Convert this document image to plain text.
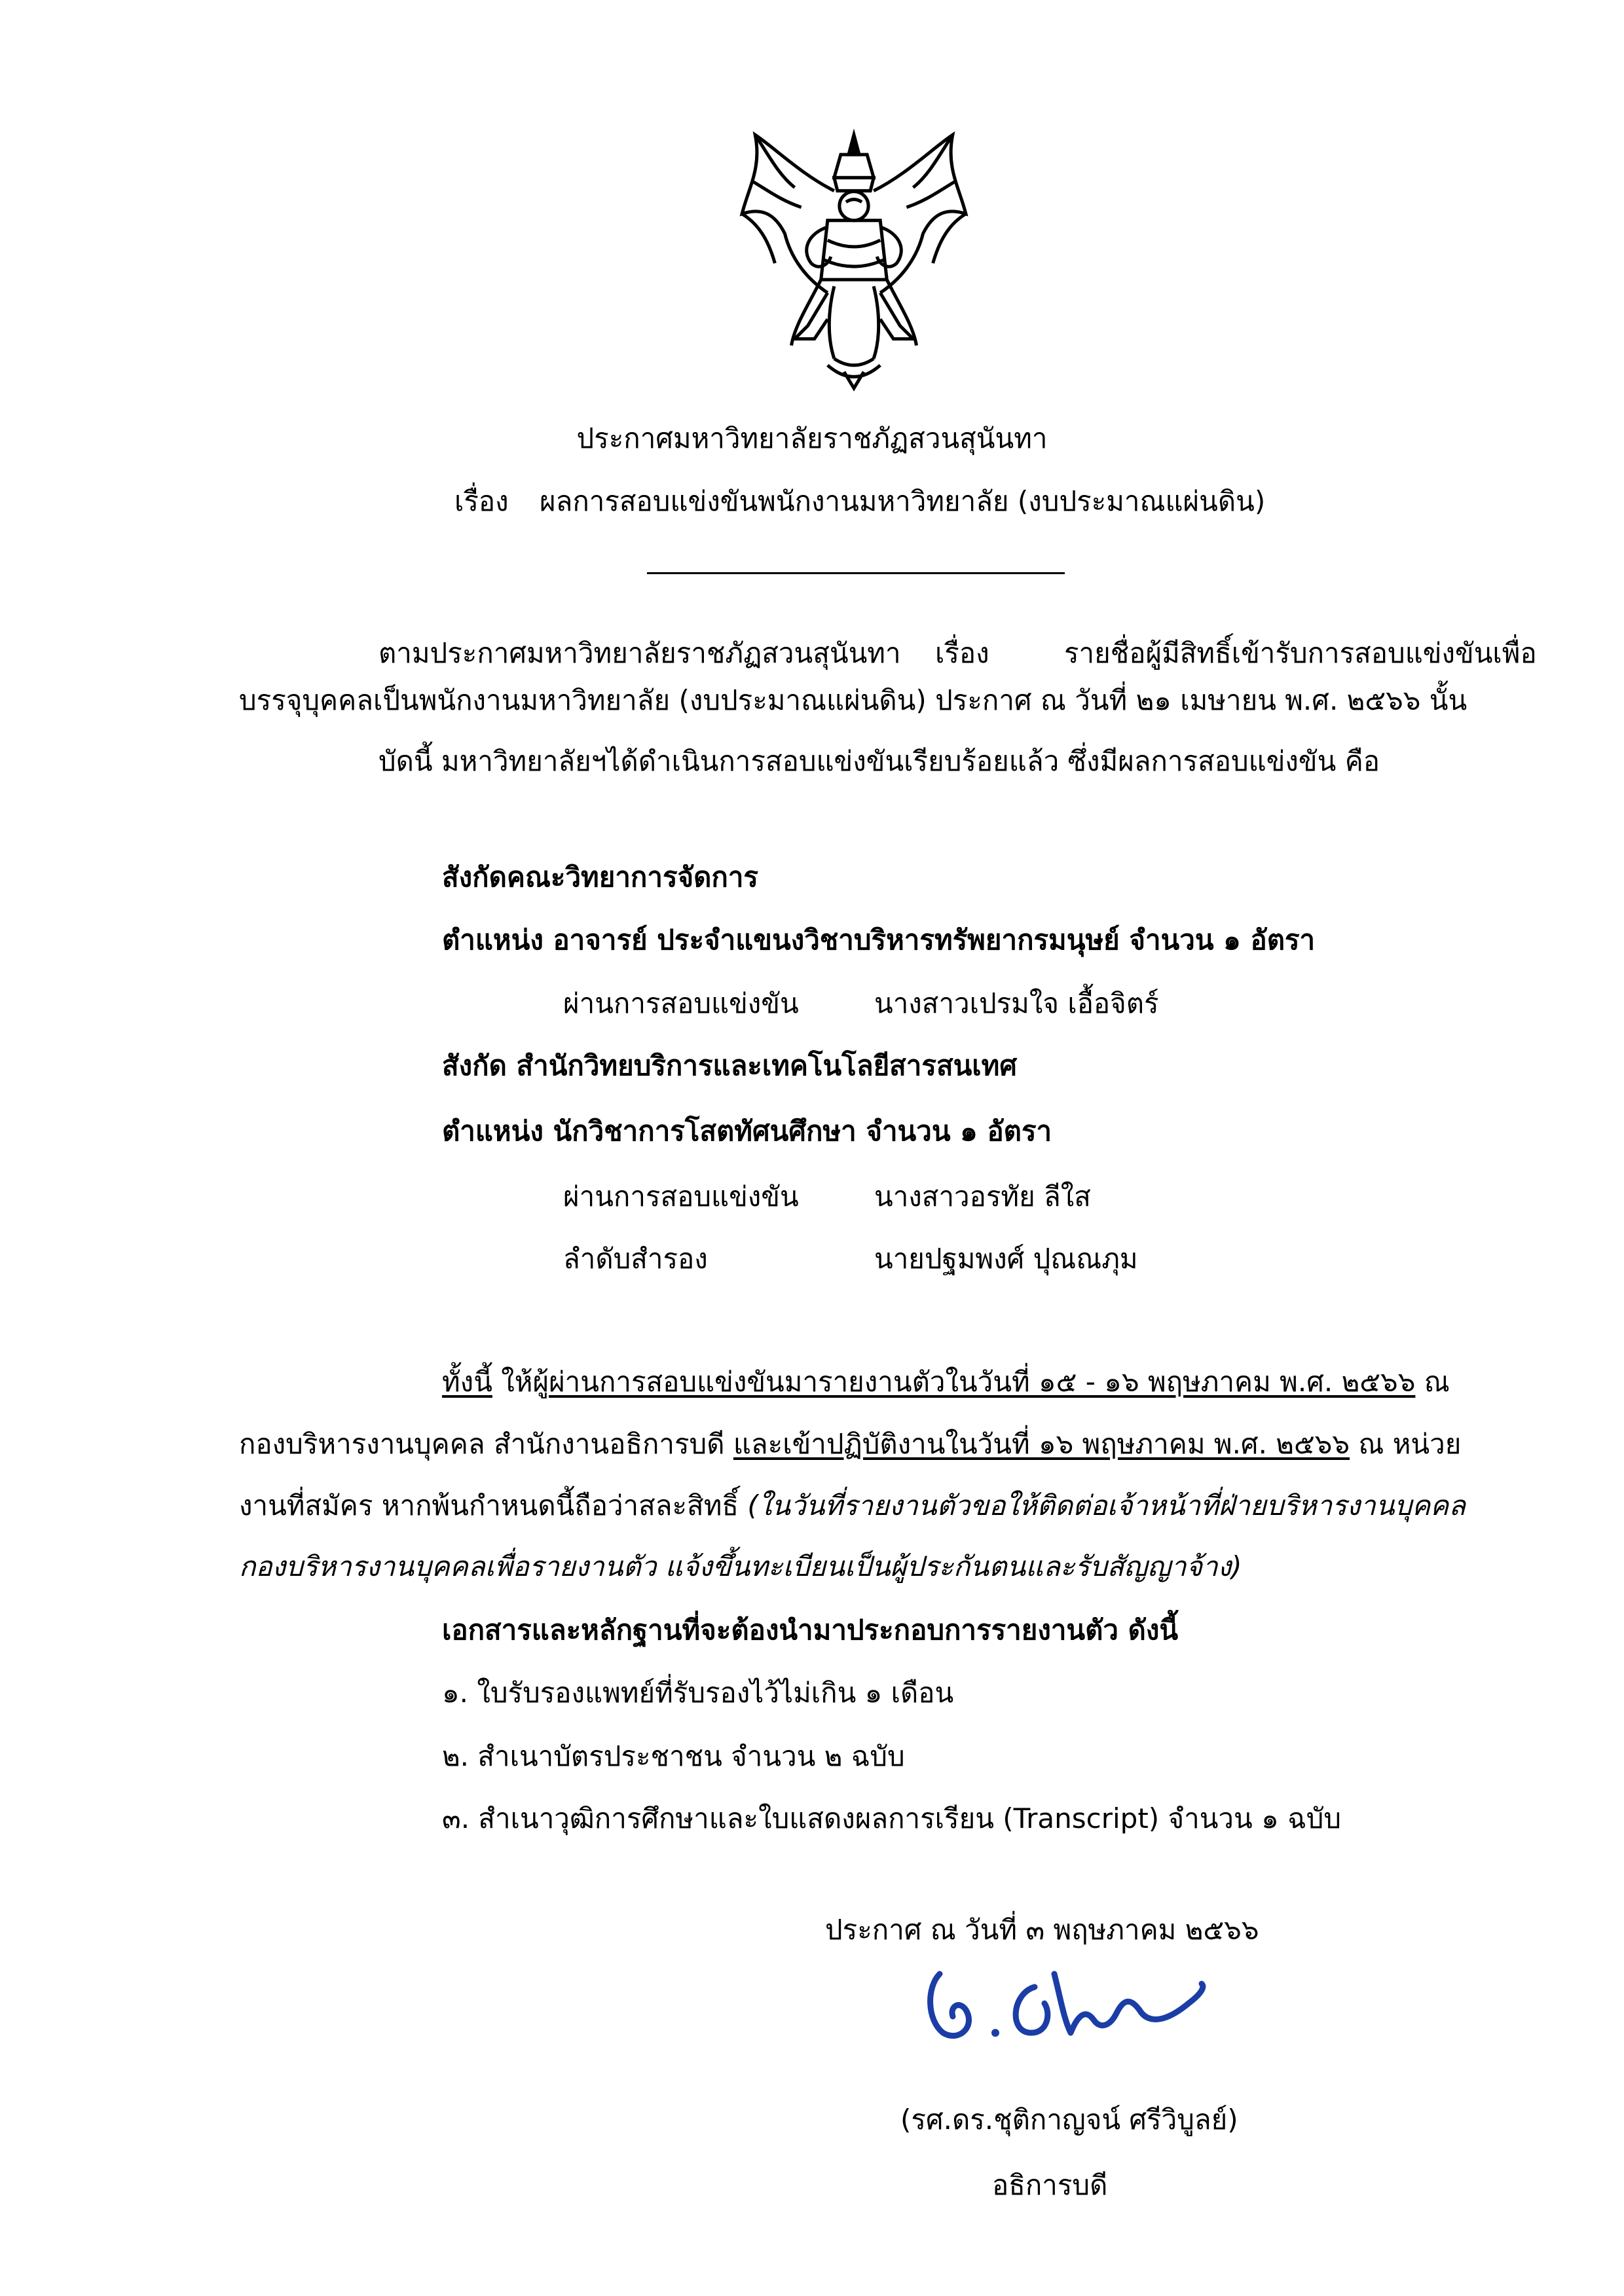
ประกาศมหาวิทยาลัยราชภัฏสวนสุนันทา
เรื่อง ผลการสอบแข่งขันพนักงานมหาวิทยาลัย (งบประมาณแผ่นดิน)
ตามประกาศมหาวิทยาลัยราชภัฏสวนสุนันทา เรื่อง	รายชื่อผู้มีสิทธิ์เข้ารับการสอบแข่งขันเพื่อ
บรรจุบุคคลเป็นพนักงานมหาวิทยาลัย (งบประมาณแผ่นดิน) ประกาศ ณ วันที่ ๒๑ เมษายน พ.ศ. ๒๕๖๖ นั้น
บัดนี้ มหาวิทยาลัยฯได้ดำเนินการสอบแข่งขันเรียบร้อยแล้ว ซึ่งมีผลการสอบแข่งขัน คือ
สังกัดคณะวิทยาการจัดการ
ตำแหน่ง อาจารย์ ประจำแขนงวิชาบริหารทรัพยากรมนุษย์ จำนวน ๑ อัตรา
ผ่านการสอบแข่งขัน	นางสาวเปรมใจ เอื้อจิตร์
สังกัด สำนักวิทยบริการและเทคโนโลยีสารสนเทศ
ตำแหน่ง นักวิชาการโสตทัศนศึกษา จำนวน ๑ อัตรา
ผ่านการสอบแข่งขัน	นางสาวอรทัย ลีใส
ลำดับสำรอง	นายปฐมพงศ์ ปุณณภุม
ทั้งนี้ ให้ผู้ผ่านการสอบแข่งขันมารายงานตัวในวันที่ ๑๕ - ๑๖ พฤษภาคม พ.ศ. ๒๕๖๖ ณ
กองบริหารงานบุคคล สำนักงานอธิการบดี และเข้าปฏิบัติงานในวันที่ ๑๖ พฤษภาคม พ.ศ. ๒๕๖๖ ณ หน่วย
งานที่สมัคร หากพ้นกำหนดนี้ถือว่าสละสิทธิ์ (ในวันที่รายงานตัวขอให้ติดต่อเจ้าหน้าที่ฝ่ายบริหารงานบุคคล
กองบริหารงานบุคคลเพื่อรายงานตัว แจ้งขึ้นทะเบียนเป็นผู้ประกันตนและรับสัญญาจ้าง)
เอกสารและหลักฐานที่จะต้องนำมาประกอบการรายงานตัว ดังนี้
๑. ใบรับรองแพทย์ที่รับรองไว้ไม่เกิน ๑ เดือน
๒. สำเนาบัตรประชาชน จำนวน ๒ ฉบับ
๓. สำเนาวุฒิการศึกษาและใบแสดงผลการเรียน (Transcript) จำนวน ๑ ฉบับ
ประกาศ ณ วันที่ ๓ พฤษภาคม ๒๕๖๖
(รศ.ดร.ชุติกาญจน์ ศรีวิบูลย์)
อธิการบดี
